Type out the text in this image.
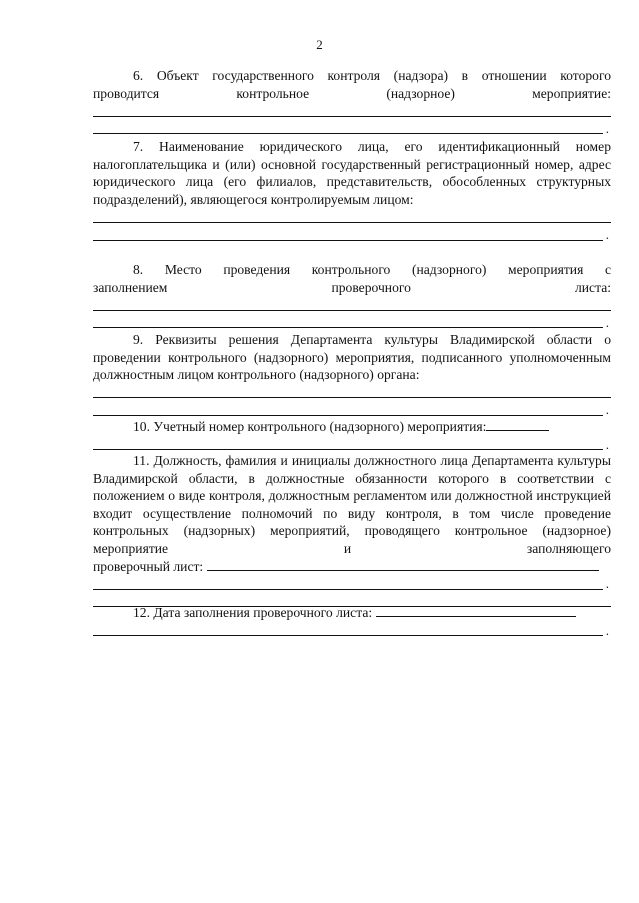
2

6. Объект государственного контроля (надзора) в отношении которого

проводится контрольное (надзорное) мероприятие:

.

7. Наименование юридического лица, его идентификационный номер налогоплательщика и (или) основной государственный регистрационный номер, адрес юридического лица (его филиалов, представительств, обособленных структурных подразделений), являющегося контролируемым лицом:

.

8. Место проведения контрольного (надзорного) мероприятия с

заполнением проверочного листа:

.

9. Реквизиты решения Департамента культуры Владимирской области о проведении контрольного (надзорного) мероприятия, подписанного уполномоченным должностным лицом контрольного (надзорного) органа:

.

10. Учетный номер контрольного (надзорного) мероприятия:

.

11. Должность, фамилия и инициалы должностного лица Департамента культуры Владимирской области, в должностные обязанности которого в соответствии с положением о виде контроля, должностным регламентом или должностной инструкцией входит осуществление полномочий по виду контроля, в том числе проведение контрольных (надзорных) мероприятий, проводящего контрольное (надзорное) мероприятие и заполняющего

проверочный лист:

.

12. Дата заполнения проверочного листа:

.
